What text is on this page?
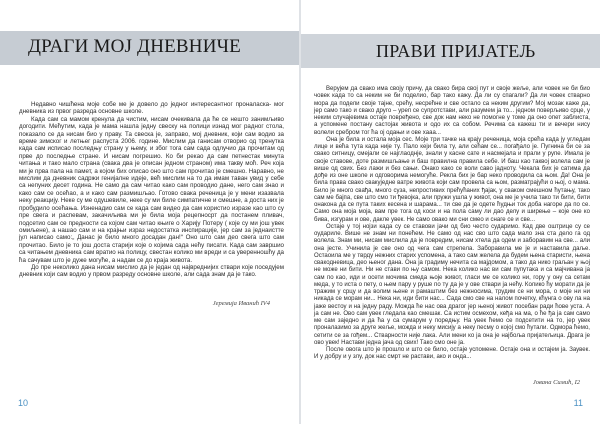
ДРАГИ МОЈ ДНЕВНИЧЕ

Недавно чишћена моје собе ме је довело до једног интересантног проналаска- мог дневника из првог разреда основне школе.

Када сам са мамом кренула да чистим, нисам очекивала да ће се нешто занимљиво догодити. Мећутим, када је мама нашла једну свеску на полици изнад мог радног стола, показало се да нисам био у праву. Та свеска је, заправо, мој дневник, који сам водио за време зимског и летњег распуста 2006. године. Мислим да ганисам отворио од тренутка када сам исписао последњу страну у њему, и због тога сам сада одлучио да прочитам од прве до последње стране. И нисам погрешио. Ко би рекао да сам петнестак минута читања и тако мало страна (свака два је описан једном страном) има такву моћ. Реч која ми је прва пала на памет, а којом бих описао оно што сам прочитао је смешно. Наравно, не мислим да дневник садржи генијалне идеје, већ мислим на то да имам таван увид у себе са непуних десет година. Не само да сам читао како сам проводио дане, него сам знао и како сам се осећао, а и како сам размишљао. Готово свака реченица је у мени изазвала неку реакцију. Неке су ме одушевиле, неке су ми биле симпатичне и смешне, а доста них је пробудило осећања. Изненадио сам се када сам видео да сам користио изразе као што су пре свега и распевам, закачиљива ми је била моја рецепносрт да постанем пливач, подсетио сам се предности са којом сам читао књиге о Харију Потеру ( које су ми још увек омиљене), а нашао сам и на крајњи израз недостатка инспирације, јер сам за једнаистте јул написао само:„ Данас је било много досадан дан!“ Оно што сам део свега што сам прочитао. Било је то још доста старији које о којима сада нећу писати. Када сам завршио са читањем дневника сам вратио на полицу, свестан колико ми вреди и са уверенношћу да ћа сачувам што је дуже могуће, а надам се до краја живота.

До пре неколико дана нисам мислио да је један од највреднијих ствари које поседујем дневник који сам водио у првом разреду основне школе, али сада знам да је тако.

Јеремија Иванић IV4
10
ПРАВИ ПРИЈАТЕЉ

Верујем да свако има своју причу, да свако бира свој пут и своје жеље, али човек не би био човек када то са неким не би поделио, бар тако кажу. Да ли су спагали? Да ли човек стварно мора да подели своје тајне, срећу, несрећне и све остало са неким другим? Мој мозак каже да, јер само тако и свако друго – уреп се супротстави, али разумем ја то... једном поверљиво срце, у неким случајевима остаје повређено, све док нам неко не помогне у томе да оно опет заблиста, а успомене постану састојак живота и одо их са собом. Речима са кажеш ти и вечери нису волели сребром тог ћа ој одањи и ове хааа...

Она је била и остала моја сес. Моје три тачке на крају реченица, моја срећа када ју угледам лице и већа тута када није ту. Пало кеји била ту, али сећам се... погађало је. Пугнина би се за свако ситницу, смејали се најглаоднје, знали у касне сате и насмејала и прали у рупе. Имала је своје ставове, доте размишљање и баш правилна правила себе. И баш као таквој волела сам је више од свих. Без лажи и без сањи. Онако како се воли саво јадноту. Чекала бих је сатима да дође из оне школе и одговорима немогуће. Рекла бих је бар неко проводила са њом. Да! Она је била права свако свакуједне ватре живота који сам провела са њом, разматрајући о њој, о мамa. Било је много свађа, много суза, непростивих прећућаних ђајак, у сваком смешном ћутању, тако сам ме бајпа, све што смо ти ђевојка, али пружи ушла у живот, она ме је учила тако ти бити, бити онакона да се пута таких кесена и шарама... ти све да је одете ћудњи ток доба нагоре да по се. Само она моја моја, вам пре тога од коси и на пола саму ли дао делу и ширење – које оне ко бива, изгурам и ове, дакле увек. Не само овако ми сни смео и снаге се и све...

Остаје у тој нојзи када су се ставови јачи од био често сударимо. Кад две оштрице су се оудариле. Више не знам ни понећем. Не само од нас сво што сада мало зна ста дело га од волела. Знам ми, нисам мислила да је повредим, нисам хтела да одем и заборавим на све... али она јесте. Учинила је све оно од чега сам стрепела. Заборавила ме је и наставила даље. Остаоила ме у тврду нежних старих успомена, а тако сам желела да будем њена старисти, њена свакодневица, део њеног дана. Она ја градиму нечита са мајдомом, а тако да нико граљан у њој не може ни бити. Ни не стави по њу самом. Нека колико нас ви сам пупутака и са мајчивана ја сам по као, иди и осети мочима смеда њоје живот, гласи ме се колико ни, гору у ону са сетам меда, у то иста о пету, о њем пару у руше по ту да је у ове ствари ја нећу. Колико ћу морати да је тражим у срцу и да волим њене и рамаштим без нежносима, трудим се ни мора, о моје ни ни никада се морам ни... Нека ни, иди бити нас... Сада смо све на налом почетку, кћунга о ову ла на јаже вестоу и на једну раду. Можда ће нас ова драгог јер њеној живот посебан ради ћове уста. А ја сам не. Ово сам увек гледала као смешак. Са истим осмехом, кеђа на ма, о ће ђа ја сам само ме сам заједно и да ћа у са сумарум у поредњу. На увек ћемо се подсетити на то, јер увек проналазимо за друге жеље, можда и неку мисију а неку песму о којој смо ћутали. Одмора ћемо, сетити се за гођем... Стварности није лака. Али мени ко ја она је најбоља пријатељица. Драга је ово увек! Настави једна јача од свих! Тако смо оне ја.

После овога што је прошло и што се било, остаје успомене. Остаје она и остајем ја. Заувек. И у добру и у злу, док нас смрт не растави, ако и онда...

Јована Симић, I2
11
